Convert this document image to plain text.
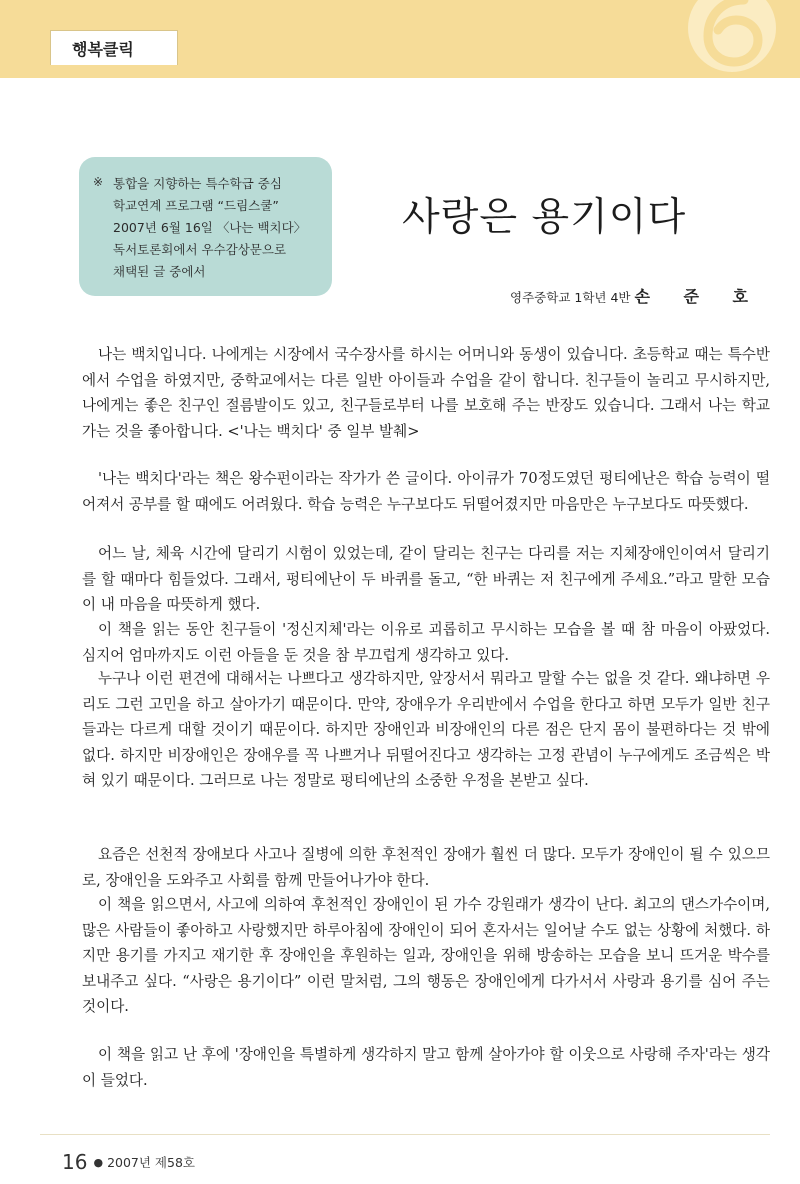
행복클릭
※ 통합을 지향하는 특수학급 중심
학교연계 프로그램 “드림스쿨”
2007년 6월 16일 〈나는 백치다〉
독서토론회에서 우수감상문으로
채택된 글 중에서
사랑은 용기이다
영주중학교 1학년 4반 손 준 호

나는 백치입니다. 나에게는 시장에서 국수장사를 하시는 어머니와 동생이 있습니다. 초등학교 때는 특수반에서 수업을 하였지만, 중학교에서는 다른 일반 아이들과 수업을 같이 합니다. 친구들이 놀리고 무시하지만, 나에게는 좋은 친구인 절름발이도 있고, 친구들로부터 나를 보호해 주는 반장도 있습니다. 그래서 나는 학교 가는 것을 좋아합니다. <'나는 백치다' 중 일부 발췌>

'나는 백치다'라는 책은 왕수펀이라는 작가가 쓴 글이다. 아이큐가 70정도였던 펑티에난은 학습 능력이 떨어져서 공부를 할 때에도 어려웠다. 학습 능력은 누구보다도 뒤떨어졌지만 마음만은 누구보다도 따뜻했다.

어느 날, 체육 시간에 달리기 시험이 있었는데, 같이 달리는 친구는 다리를 저는 지체장애인이여서 달리기를 할 때마다 힘들었다. 그래서, 펑티에난이 두 바퀴를 돌고, “한 바퀴는 저 친구에게 주세요.”라고 말한 모습이 내 마음을 따뜻하게 했다.

이 책을 읽는 동안 친구들이 '정신지체'라는 이유로 괴롭히고 무시하는 모습을 볼 때 참 마음이 아팠었다. 심지어 엄마까지도 이런 아들을 둔 것을 참 부끄럽게 생각하고 있다.

누구나 이런 편견에 대해서는 나쁘다고 생각하지만, 앞장서서 뭐라고 말할 수는 없을 것 같다. 왜냐하면 우리도 그런 고민을 하고 살아가기 때문이다. 만약, 장애우가 우리반에서 수업을 한다고 하면 모두가 일반 친구들과는 다르게 대할 것이기 때문이다. 하지만 장애인과 비장애인의 다른 점은 단지 몸이 불편하다는 것 밖에 없다. 하지만 비장애인은 장애우를 꼭 나쁘거나 뒤떨어진다고 생각하는 고정 관념이 누구에게도 조금씩은 박혀 있기 때문이다. 그러므로 나는 정말로 펑티에난의 소중한 우정을 본받고 싶다.

요즘은 선천적 장애보다 사고나 질병에 의한 후천적인 장애가 훨씬 더 많다. 모두가 장애인이 될 수 있으므로, 장애인을 도와주고 사회를 함께 만들어나가야 한다.

이 책을 읽으면서, 사고에 의하여 후천적인 장애인이 된 가수 강원래가 생각이 난다. 최고의 댄스가수이며, 많은 사람들이 좋아하고 사랑했지만 하루아침에 장애인이 되어 혼자서는 일어날 수도 없는 상황에 처했다. 하지만 용기를 가지고 재기한 후 장애인을 후원하는 일과, 장애인을 위해 방송하는 모습을 보니 뜨거운 박수를 보내주고 싶다. “사랑은 용기이다” 이런 말처럼, 그의 행동은 장애인에게 다가서서 사랑과 용기를 심어 주는 것이다.

이 책을 읽고 난 후에 '장애인을 특별하게 생각하지 말고 함께 살아가야 할 이웃으로 사랑해 주자'라는 생각이 들었다.

16 ● 2007년 제58호
